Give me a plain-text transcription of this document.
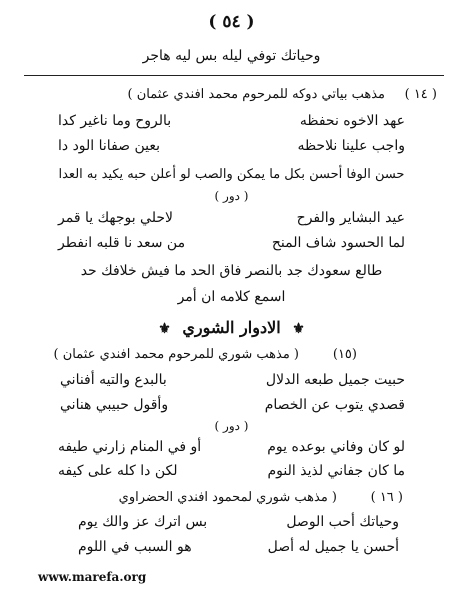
( ٥٤ )
وحياتك توفي ليله بس ليه هاجر
( ١٤ )
مذهب بياتي دوكه للمرحوم محمد افندي عثمان )
عهد الاخوه نحفظه
بالروح وما ناغير كدا
واجب علينا نلاحظه
بعين صفانا الود دا
حسن الوفا أحسن بكل ما يمكن والصب لو أعلن حبه يكيد به العدا
( دور )
عيد البشاير والفرح
لاحلي بوجهك يا قمر
لما الحسود شاف المنح
من سعد نا قلبه انفطر
طالع سعودك جد بالنصر فاق الحد ما فيش خلافك حد
اسمع كلامه ان أمر
⚜ الادوار الشوري ⚜
(١٥)
( مذهب شوري للمرحوم محمد افندي عثمان )
حبيت جميل طبعه الدلال
بالبدع والتيه أفناني
قصدي يتوب عن الخصام
وأقول حبيبي هناني
( دور )
لو كان وفاني بوعده يوم
أو في المنام زارني طيفه
ما كان جفاني لذيذ النوم
لكن دا كله على كيفه
( ١٦ )
( مذهب شوري لمحمود افندي الحضراوي
وحياتك أحب الوصل
بس اترك عز والك يوم
أحسن يا جميل له أصل
هو السبب في اللوم
www.marefa.org
